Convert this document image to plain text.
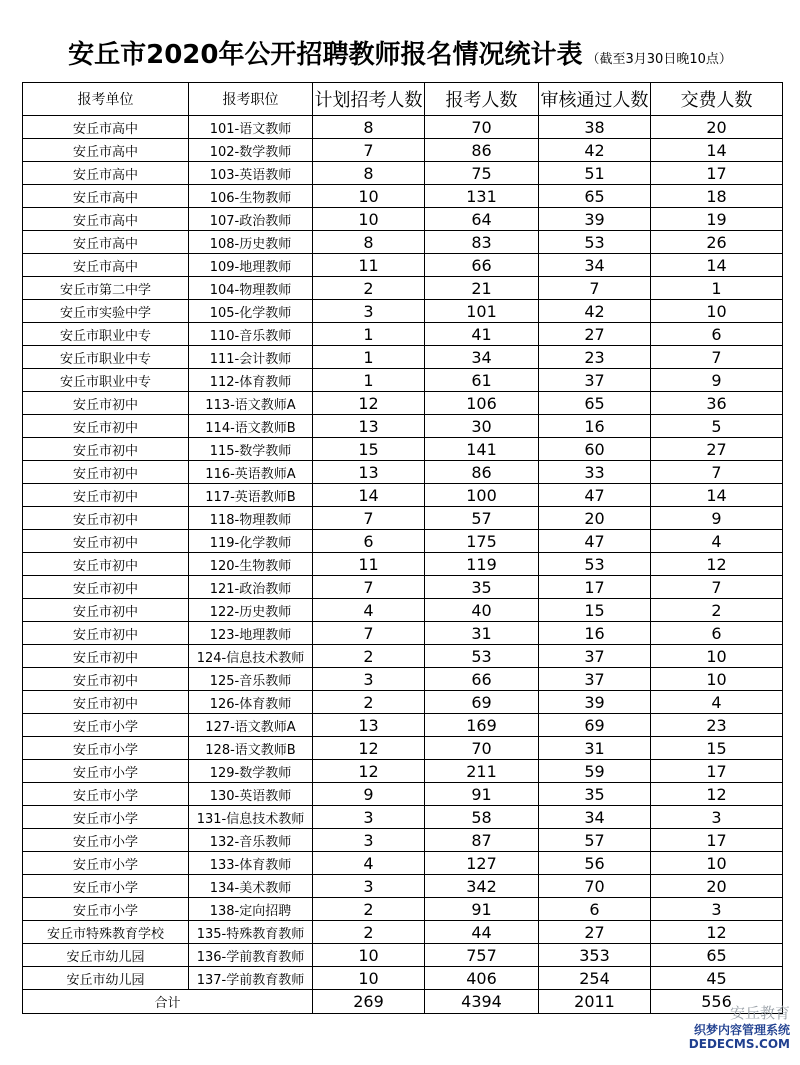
安丘市2020年公开招聘教师报名情况统计表 （截至3月30日晚10点）
报考单位	报考职位	计划招考人数	报考人数	审核通过人数	交费人数
安丘市高中	101-语文教师	8	70	38	20
安丘市高中	102-数学教师	7	86	42	14
安丘市高中	103-英语教师	8	75	51	17
安丘市高中	106-生物教师	10	131	65	18
安丘市高中	107-政治教师	10	64	39	19
安丘市高中	108-历史教师	8	83	53	26
安丘市高中	109-地理教师	11	66	34	14
安丘市第二中学	104-物理教师	2	21	7	1
安丘市实验中学	105-化学教师	3	101	42	10
安丘市职业中专	110-音乐教师	1	41	27	6
安丘市职业中专	111-会计教师	1	34	23	7
安丘市职业中专	112-体育教师	1	61	37	9
安丘市初中	113-语文教师A	12	106	65	36
安丘市初中	114-语文教师B	13	30	16	5
安丘市初中	115-数学教师	15	141	60	27
安丘市初中	116-英语教师A	13	86	33	7
安丘市初中	117-英语教师B	14	100	47	14
安丘市初中	118-物理教师	7	57	20	9
安丘市初中	119-化学教师	6	175	47	4
安丘市初中	120-生物教师	11	119	53	12
安丘市初中	121-政治教师	7	35	17	7
安丘市初中	122-历史教师	4	40	15	2
安丘市初中	123-地理教师	7	31	16	6
安丘市初中	124-信息技术教师	2	53	37	10
安丘市初中	125-音乐教师	3	66	37	10
安丘市初中	126-体育教师	2	69	39	4
安丘市小学	127-语文教师A	13	169	69	23
安丘市小学	128-语文教师B	12	70	31	15
安丘市小学	129-数学教师	12	211	59	17
安丘市小学	130-英语教师	9	91	35	12
安丘市小学	131-信息技术教师	3	58	34	3
安丘市小学	132-音乐教师	3	87	57	17
安丘市小学	133-体育教师	4	127	56	10
安丘市小学	134-美术教师	3	342	70	20
安丘市小学	138-定向招聘	2	91	6	3
安丘市特殊教育学校	135-特殊教育教师	2	44	27	12
安丘市幼儿园	136-学前教育教师	10	757	353	65
安丘市幼儿园	137-学前教育教师	10	406	254	45
合计		269	4394	2011	556
安丘教育
织梦内容管理系统
DEDECMS.COM
